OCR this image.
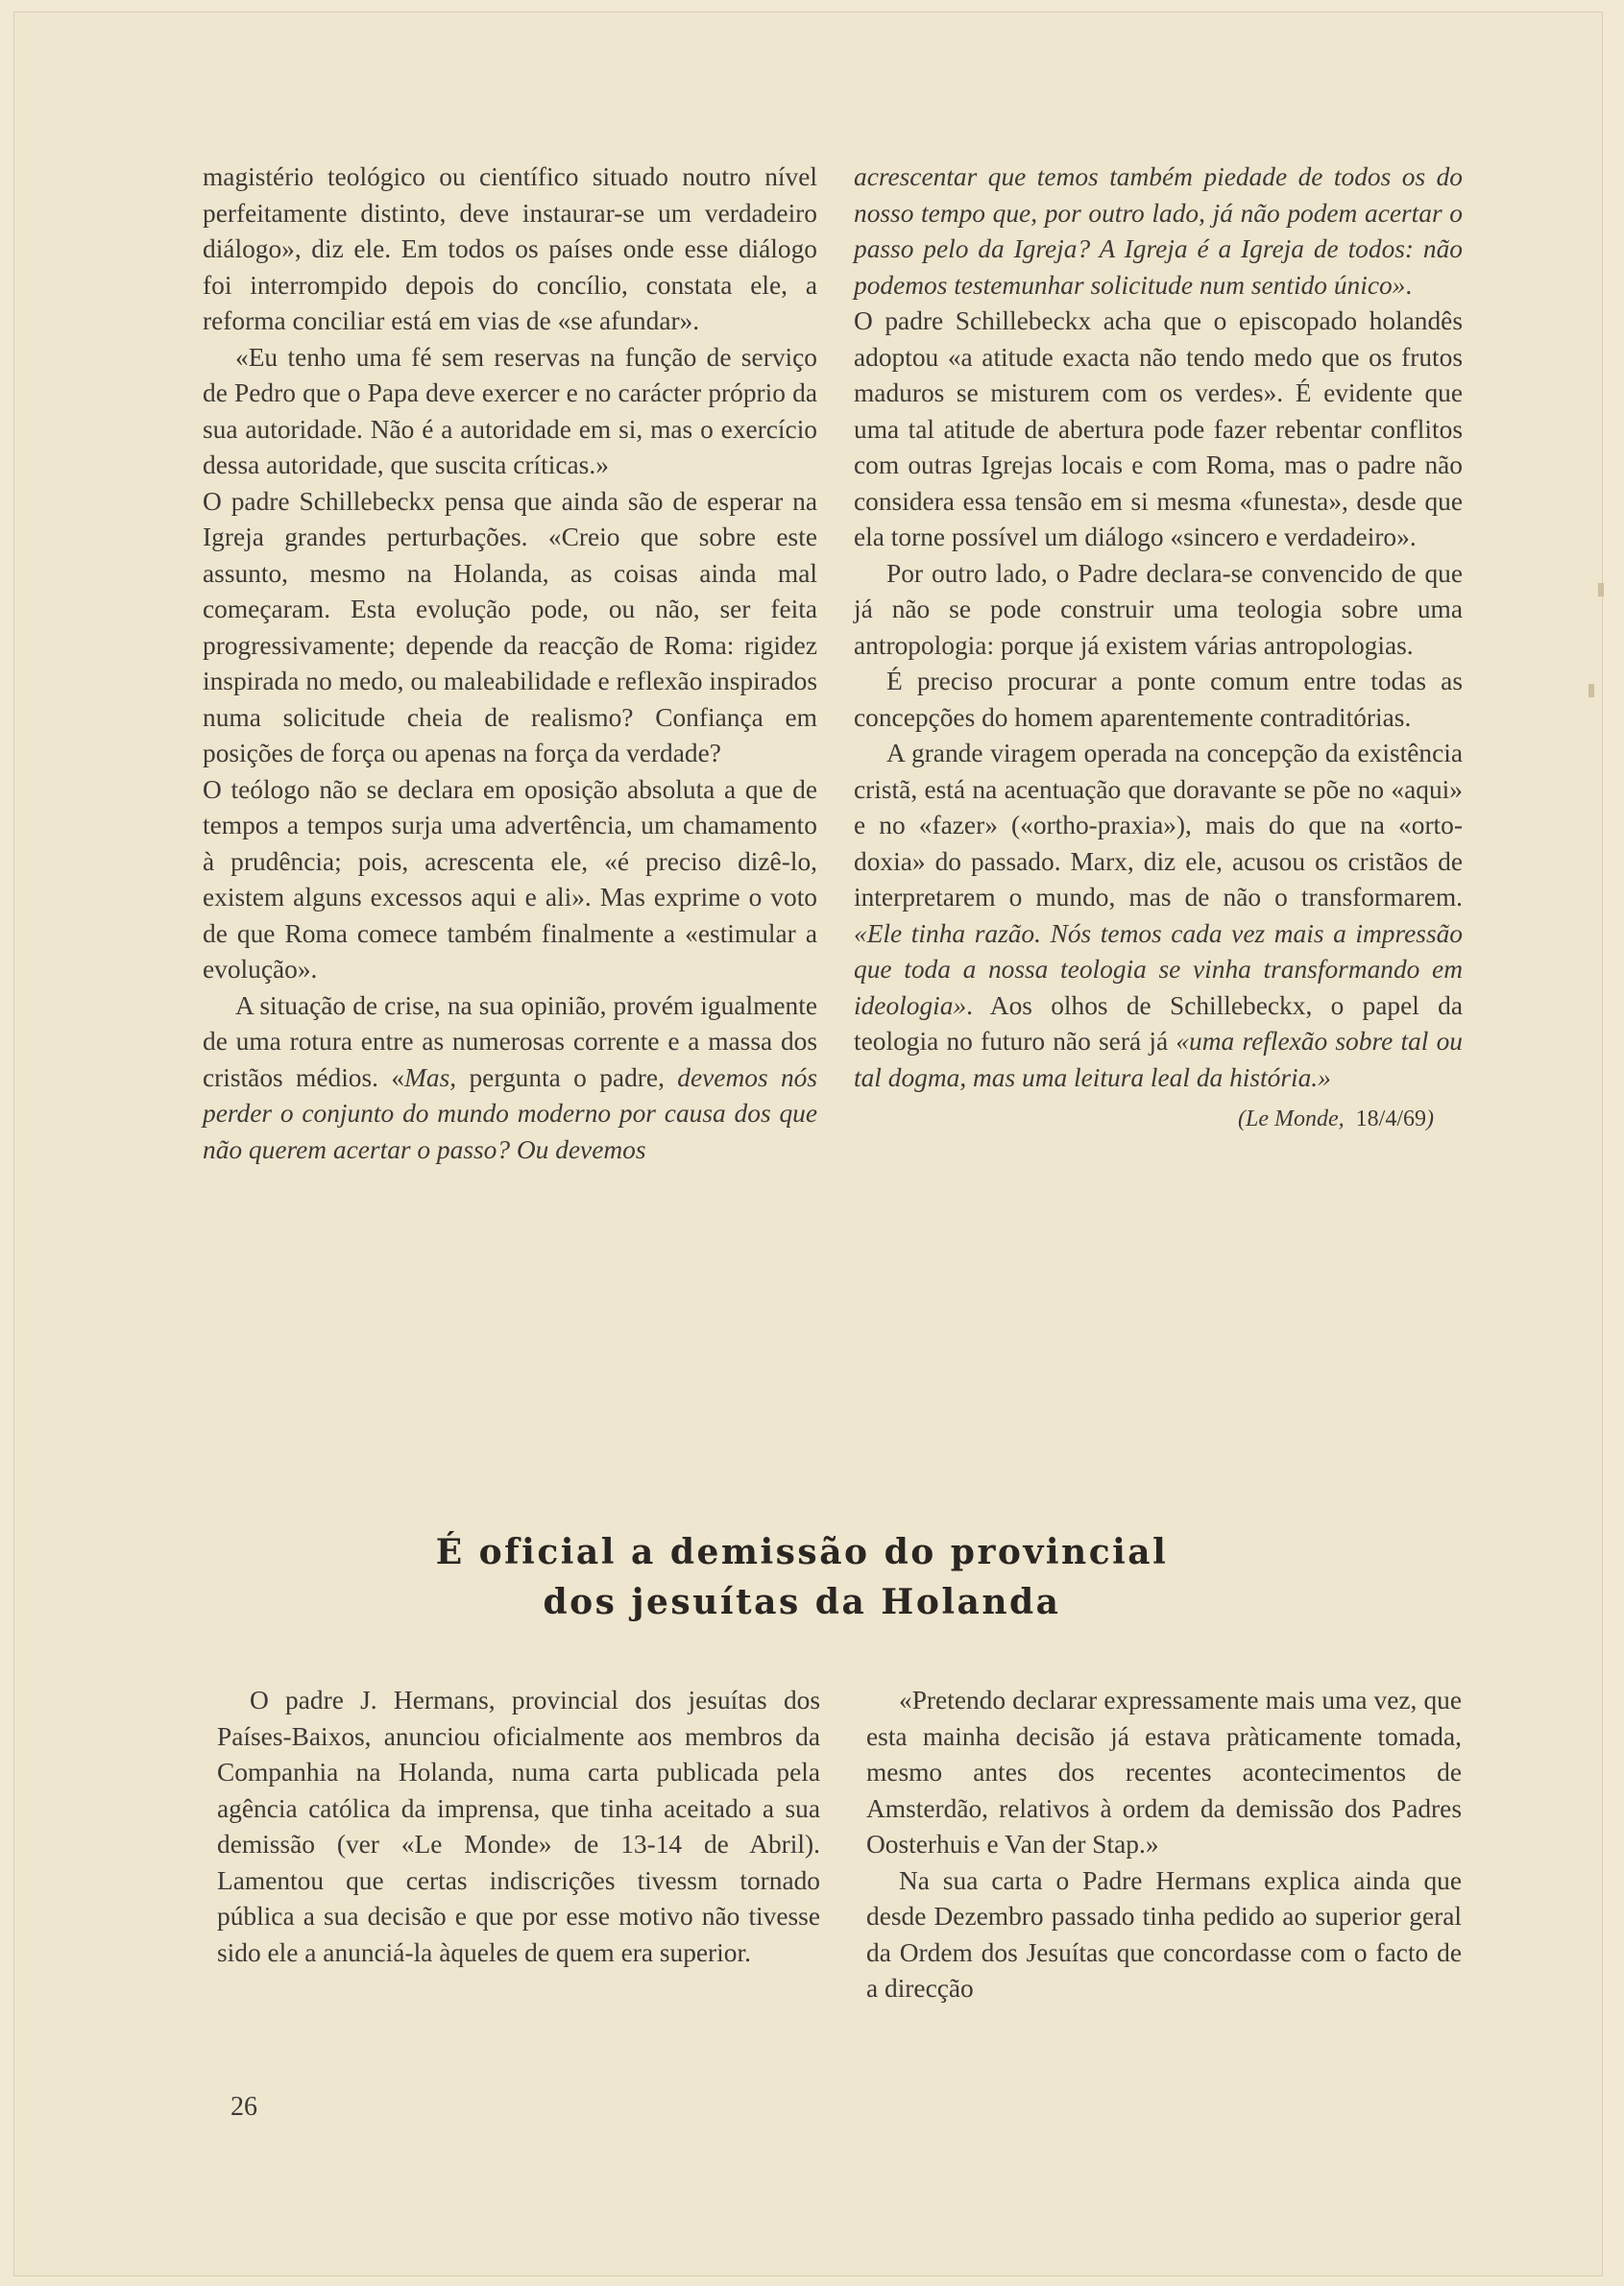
magistério teológico ou científico situado noutro nível perfeitamente distinto, deve instaurar-se um verdadeiro diálogo», diz ele. Em todos os países onde esse diálogo foi interrompido depois do concílio, constata ele, a reforma conciliar está em vias de «se afundar».

«Eu tenho uma fé sem reservas na função de serviço de Pedro que o Papa deve exercer e no carácter próprio da sua autoridade. Não é a autoridade em si, mas o exercício dessa autoridade, que suscita críticas.»

O padre Schillebeckx pensa que ainda são de esperar na Igreja grandes perturbações. «Creio que sobre este assunto, mesmo na Holanda, as coisas ainda mal começaram. Esta evolução pode, ou não, ser feita progressivamente; depende da reacção de Roma: rigidez inspirada no medo, ou maleabilidade e reflexão inspirados numa solicitude cheia de realismo? Confiança em posições de força ou apenas na força da verdade?

O teólogo não se declara em oposição absoluta a que de tempos a tempos surja uma advertência, um chamamento à prudência; pois, acrescenta ele, «é preciso dizê-lo, existem alguns excessos aqui e ali». Mas exprime o voto de que Roma comece também finalmente a «estimular a evolução».

A situação de crise, na sua opinião, provém igualmente de uma rotura entre as numerosas corrente e a massa dos cristãos médios. «Mas, pergunta o padre, devemos nós perder o conjunto do mundo moderno por causa dos que não querem acertar o passo? Ou devemos

acrescentar que temos também piedade de todos os do nosso tempo que, por outro lado, já não podem acertar o passo pelo da Igreja? A Igreja é a Igreja de todos: não podemos testemunhar solicitude num sentido único».

O padre Schillebeckx acha que o episcopado holandês adoptou «a atitude exacta não tendo medo que os frutos maduros se misturem com os verdes». É evidente que uma tal atitude de abertura pode fazer rebentar conflitos com outras Igrejas locais e com Roma, mas o padre não considera essa tensão em si mesma «funesta», desde que ela torne possível um diálogo «sincero e verdadeiro».

Por outro lado, o Padre declara-se convencido de que já não se pode construir uma teologia sobre uma antropologia: porque já existem várias antropologias.

É preciso procurar a ponte comum entre todas as concepções do homem aparentemente contraditórias.

A grande viragem operada na concepção da existência cristã, está na acentuação que doravante se põe no «aqui» e no «fazer» («ortho-praxia»), mais do que na «orto-doxia» do passado. Marx, diz ele, acusou os cristãos de interpretarem o mundo, mas de não o transformarem. «Ele tinha razão. Nós temos cada vez mais a impressão que toda a nossa teologia se vinha transformando em ideologia». Aos olhos de Schillebeckx, o papel da teologia no futuro não será já «uma reflexão sobre tal ou tal dogma, mas uma leitura leal da história.»

(Le Monde, 18/4/69)

É oficial a demissão do provincial
dos jesuítas da Holanda

O padre J. Hermans, provincial dos jesuítas dos Países-Baixos, anunciou oficialmente aos membros da Companhia na Holanda, numa carta publicada pela agência católica da imprensa, que tinha aceitado a sua demissão (ver «Le Monde» de 13-14 de Abril). Lamentou que certas indiscrições tivessm tornado pública a sua decisão e que por esse motivo não tivesse sido ele a anunciá-la àqueles de quem era superior.

«Pretendo declarar expressamente mais uma vez, que esta mainha decisão já estava pràticamente tomada, mesmo antes dos recentes acontecimentos de Amsterdão, relativos à ordem da demissão dos Padres Oosterhuis e Van der Stap.»

Na sua carta o Padre Hermans explica ainda que desde Dezembro passado tinha pedido ao superior geral da Ordem dos Jesuítas que concordasse com o facto de a direcção

26
